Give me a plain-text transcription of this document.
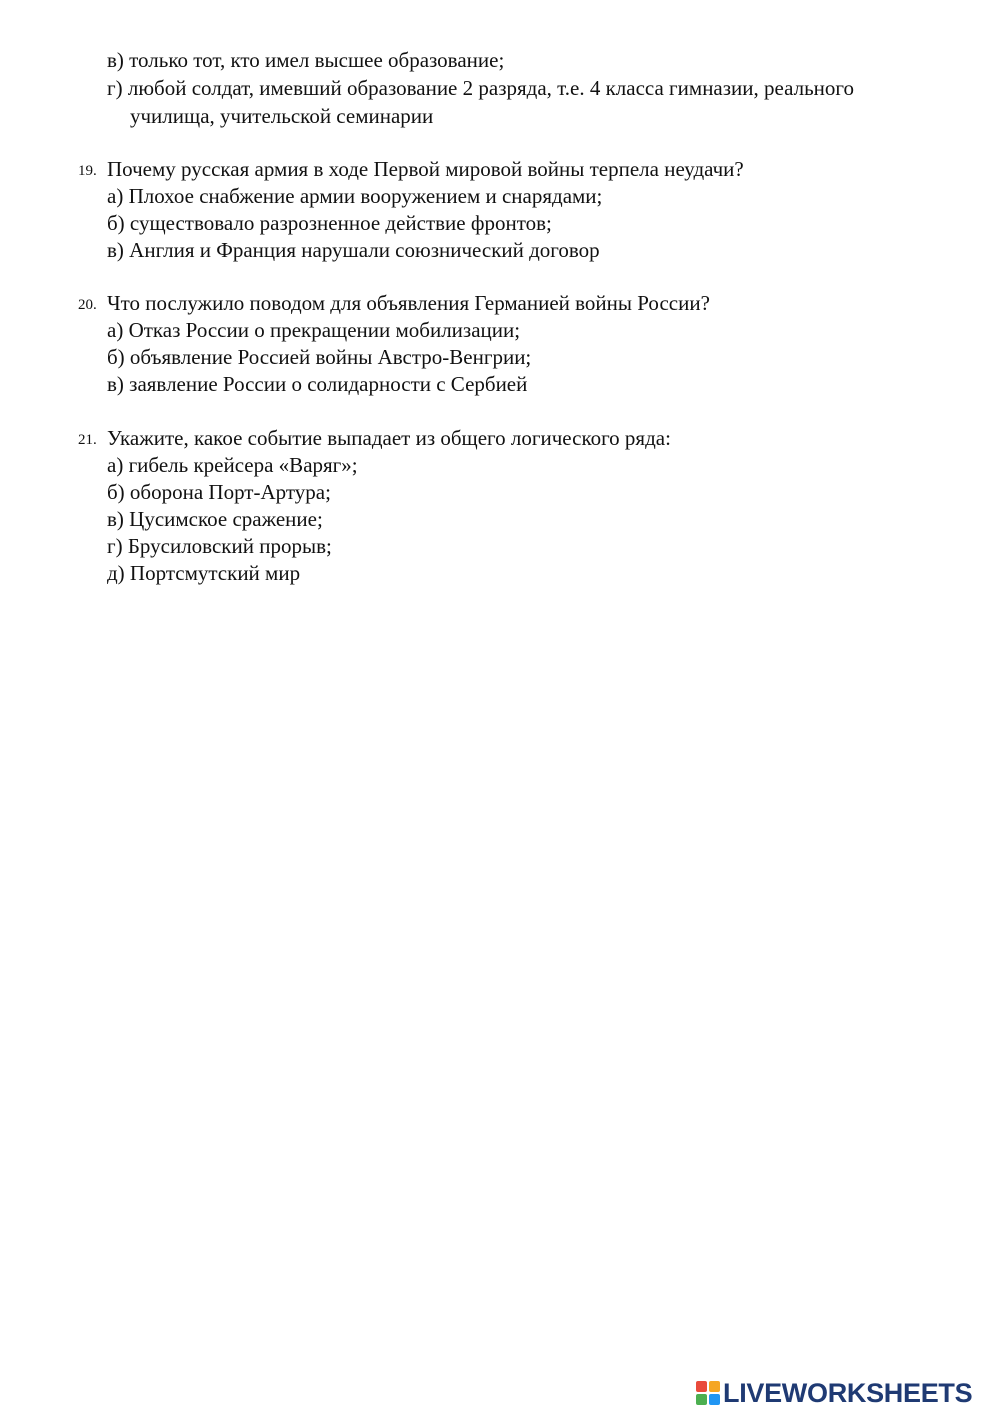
в) только тот, кто имел высшее образование;
г) любой солдат, имевший образование 2 разряда, т.е. 4 класса гимназии, реального
училища, учительской семинарии
19. Почему русская армия в ходе Первой мировой войны терпела неудачи?
а) Плохое снабжение армии вооружением и снарядами;
б) существовало разрозненное действие фронтов;
в) Англия и Франция нарушали союзнический договор
20. Что послужило поводом для объявления Германией войны России?
а) Отказ России о прекращении мобилизации;
б) объявление Россией войны Австро-Венгрии;
в) заявление России о солидарности с Сербией
21. Укажите, какое событие выпадает из общего логического ряда:
а) гибель крейсера «Варяг»;
б) оборона Порт-Артура;
в) Цусимское сражение;
г) Брусиловский прорыв;
д) Портсмутский мир
LIVEWORKSHEETS
